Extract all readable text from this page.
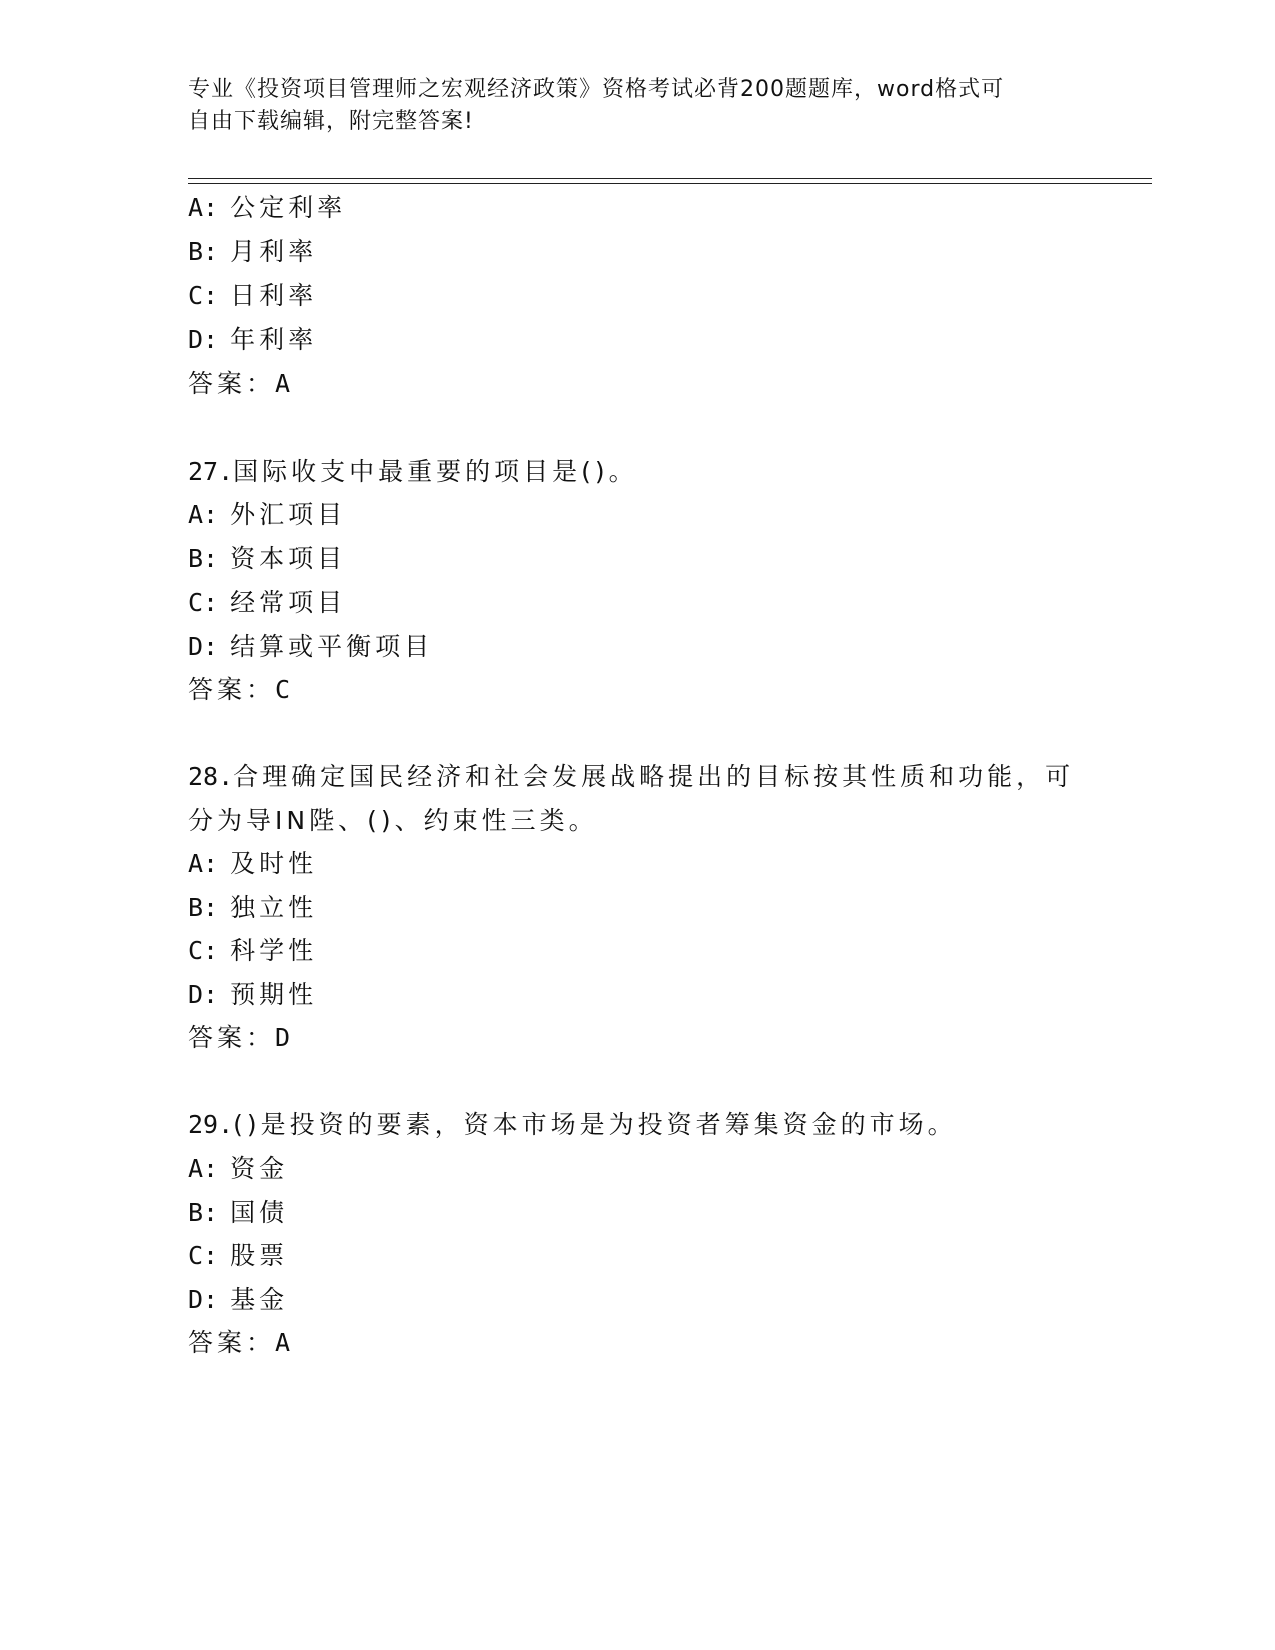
专业《投资项目管理师之宏观经济政策》资格考试必背200题题库，word格式可
自由下载编辑，附完整答案!
A: 公定利率
B: 月利率
C: 日利率
D: 年利率
答案：A
27.国际收支中最重要的项目是()。
A: 外汇项目
B: 资本项目
C: 经常项目
D: 结算或平衡项目
答案：C
28.合理确定国民经济和社会发展战略提出的目标按其性质和功能，可
分为导IN陛、()、约束性三类。
A: 及时性
B: 独立性
C: 科学性
D: 预期性
答案：D
29.()是投资的要素，资本市场是为投资者筹集资金的市场。
A: 资金
B: 国债
C: 股票
D: 基金
答案：A
